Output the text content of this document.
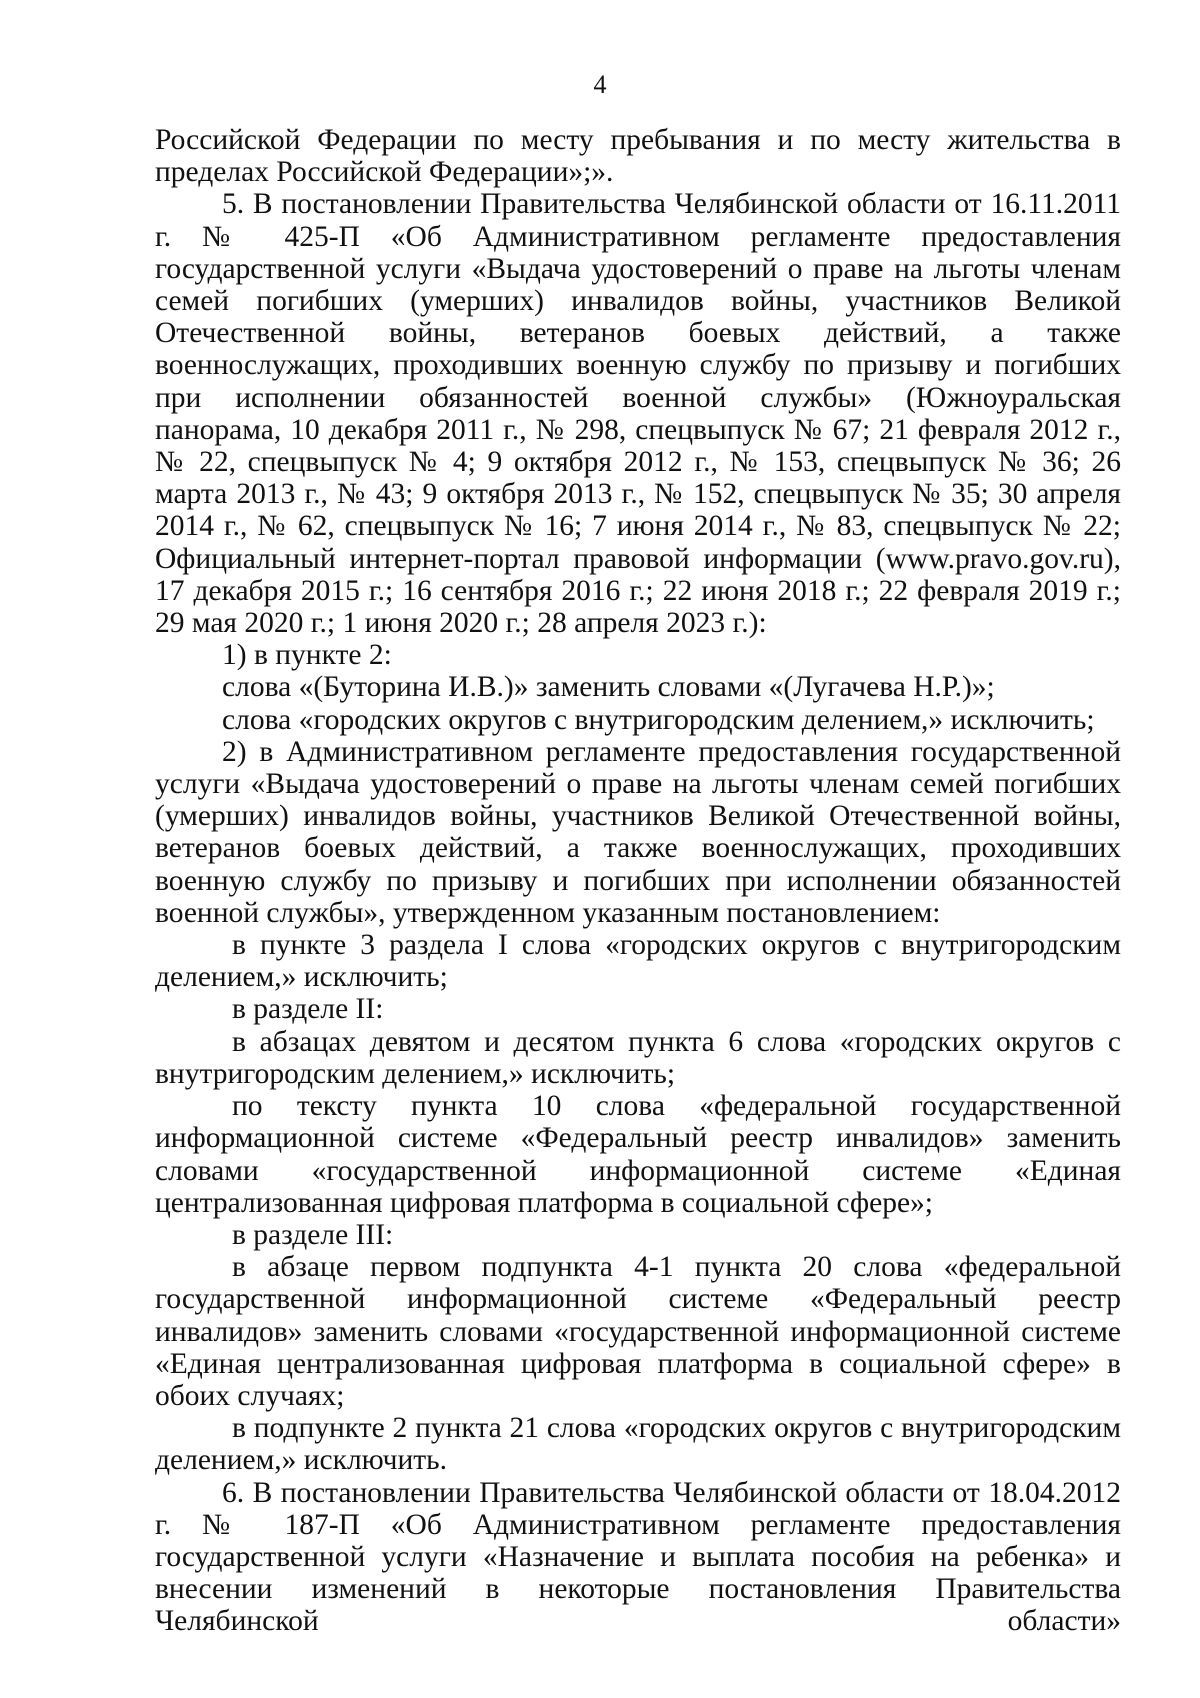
4

Российской Федерации по месту пребывания и по месту жительства в пределах Российской Федерации»;».

5. В постановлении Правительства Челябинской области от 16.11.2011 г. № 425-П «Об Административном регламенте предоставления государственной услуги «Выдача удостоверений о праве на льготы членам семей погибших (умерших) инвалидов войны, участников Великой Отечественной войны, ветеранов боевых действий, а также военнослужащих, проходивших военную службу по призыву и погибших при исполнении обязанностей военной службы» (Южноуральская панорама, 10 декабря 2011 г., № 298, спецвыпуск № 67; 21 февраля 2012 г., № 22, спецвыпуск № 4; 9 октября 2012 г., № 153, спецвыпуск № 36; 26 марта 2013 г., № 43; 9 октября 2013 г., № 152, спецвыпуск № 35; 30 апреля 2014 г., № 62, спецвыпуск № 16; 7 июня 2014 г., № 83, спецвыпуск № 22; Официальный интернет-портал правовой информации (www.pravo.gov.ru), 17 декабря 2015 г.; 16 сентября 2016 г.; 22 июня 2018 г.; 22 февраля 2019 г.; 29 мая 2020 г.; 1 июня 2020 г.; 28 апреля 2023 г.):

1) в пункте 2:

слова «(Буторина И.В.)» заменить словами «(Лугачева Н.Р.)»;

слова «городских округов с внутригородским делением,» исключить;

2) в Административном регламенте предоставления государственной услуги «Выдача удостоверений о праве на льготы членам семей погибших (умерших) инвалидов войны, участников Великой Отечественной войны, ветеранов боевых действий, а также военнослужащих, проходивших военную службу по призыву и погибших при исполнении обязанностей военной службы», утвержденном указанным постановлением:

в пункте 3 раздела I слова «городских округов с внутригородским делением,» исключить;

в разделе II:

в абзацах девятом и десятом пункта 6 слова «городских округов с внутригородским делением,» исключить;

по тексту пункта 10 слова «федеральной государственной информационной системе «Федеральный реестр инвалидов» заменить словами «государственной информационной системе «Единая централизованная цифровая платформа в социальной сфере»;

в разделе III:

в абзаце первом подпункта 4-1 пункта 20 слова «федеральной государственной информационной системе «Федеральный реестр инвалидов» заменить словами «государственной информационной системе «Единая централизованная цифровая платформа в социальной сфере» в обоих случаях;

в подпункте 2 пункта 21 слова «городских округов с внутригородским делением,» исключить.

6. В постановлении Правительства Челябинской области от 18.04.2012 г. № 187-П «Об Административном регламенте предоставления государственной услуги «Назначение и выплата пособия на ребенка» и внесении изменений в некоторые постановления Правительства Челябинской области»
